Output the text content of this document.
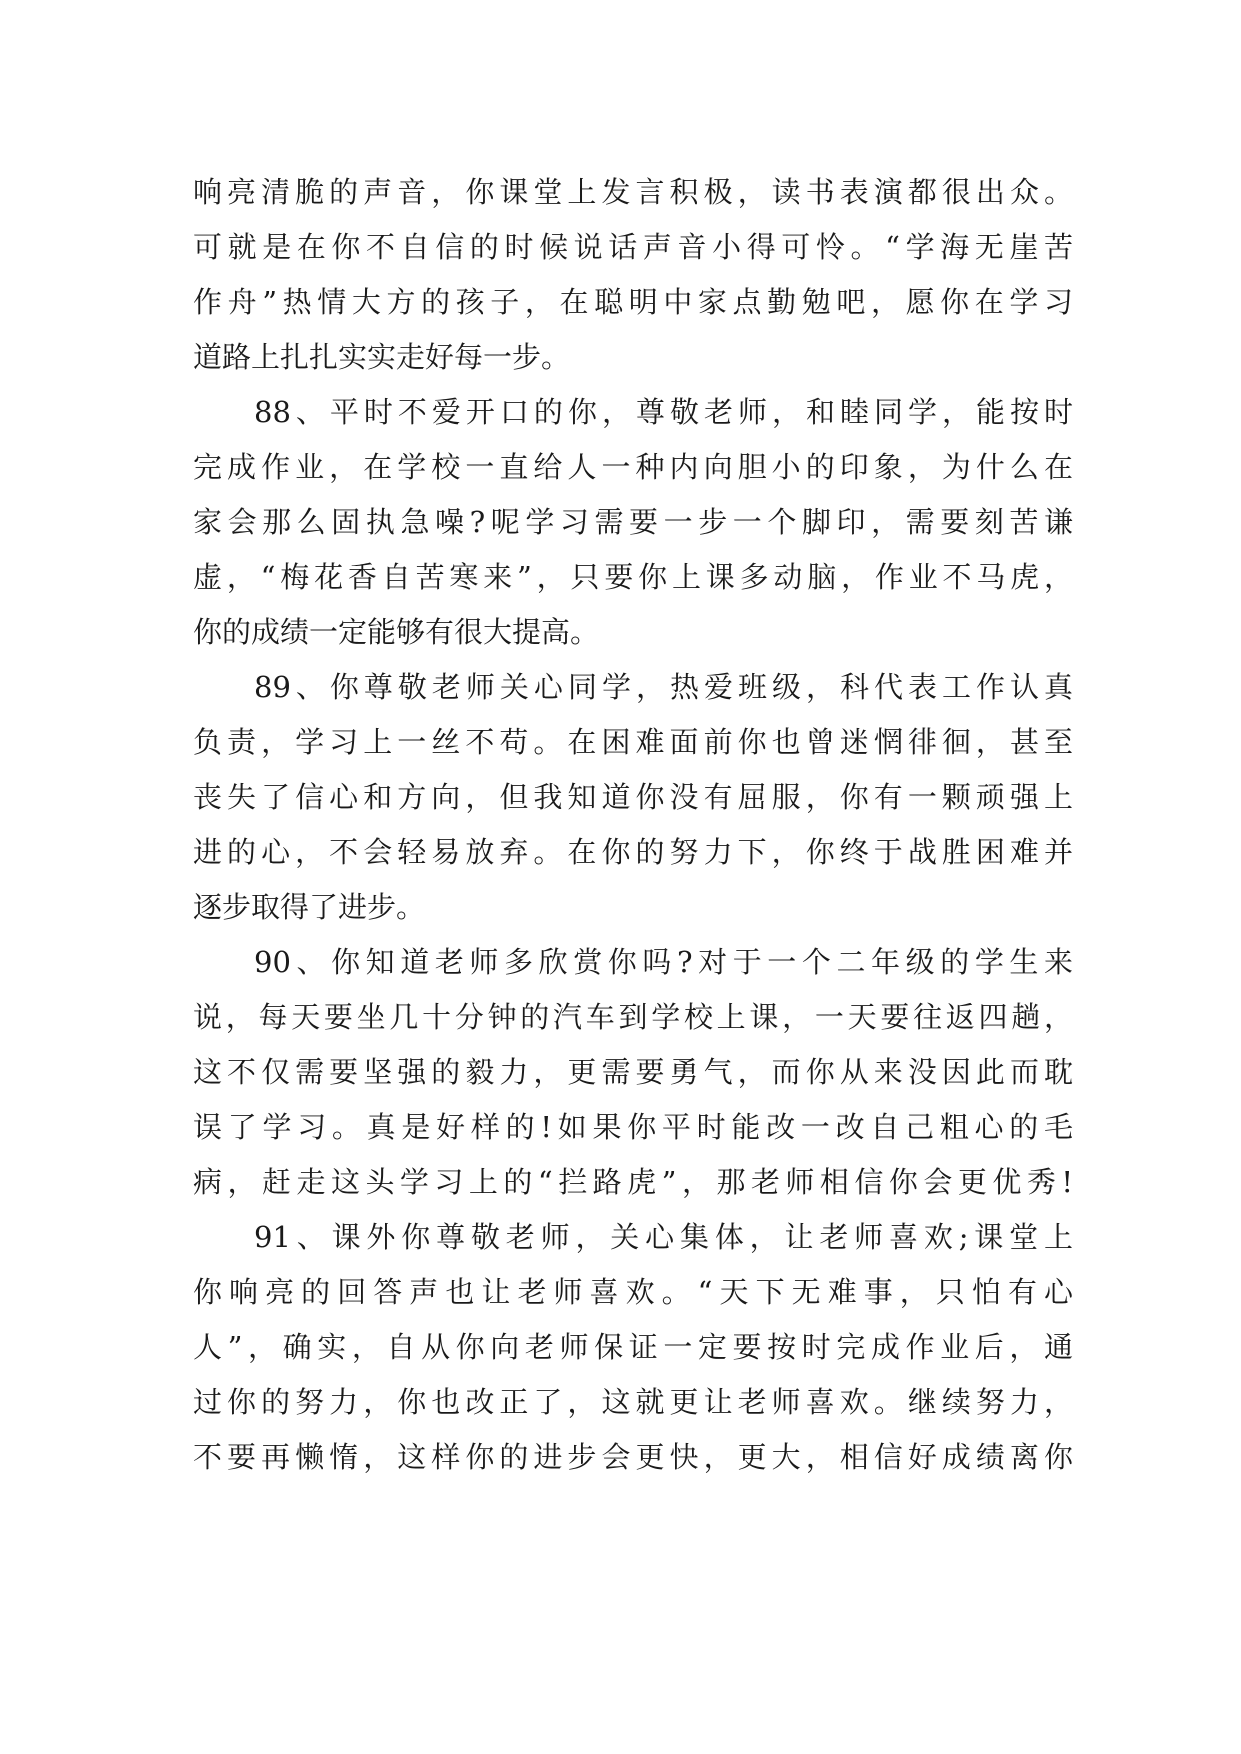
响亮清脆的声音，你课堂上发言积极，读书表演都很出众。
可就是在你不自信的时候说话声音小得可怜。“学海无崖苦
作舟”热情大方的孩子，在聪明中家点勤勉吧，愿你在学习
道路上扎扎实实走好每一步。
88、平时不爱开口的你，尊敬老师，和睦同学，能按时
完成作业，在学校一直给人一种内向胆小的印象，为什么在
家会那么固执急噪?呢学习需要一步一个脚印，需要刻苦谦
虚，“梅花香自苦寒来”，只要你上课多动脑，作业不马虎，
你的成绩一定能够有很大提高。
89、你尊敬老师关心同学，热爱班级，科代表工作认真
负责，学习上一丝不苟。在困难面前你也曾迷惘徘徊，甚至
丧失了信心和方向，但我知道你没有屈服，你有一颗顽强上
进的心，不会轻易放弃。在你的努力下，你终于战胜困难并
逐步取得了进步。
90、你知道老师多欣赏你吗?对于一个二年级的学生来
说，每天要坐几十分钟的汽车到学校上课，一天要往返四趟，
这不仅需要坚强的毅力，更需要勇气，而你从来没因此而耽
误了学习。真是好样的!如果你平时能改一改自己粗心的毛
病，赶走这头学习上的“拦路虎”，那老师相信你会更优秀!
91、课外你尊敬老师，关心集体，让老师喜欢;课堂上
你响亮的回答声也让老师喜欢。“天下无难事，只怕有心
人”，确实，自从你向老师保证一定要按时完成作业后，通
过你的努力，你也改正了，这就更让老师喜欢。继续努力，
不要再懒惰，这样你的进步会更快，更大，相信好成绩离你
